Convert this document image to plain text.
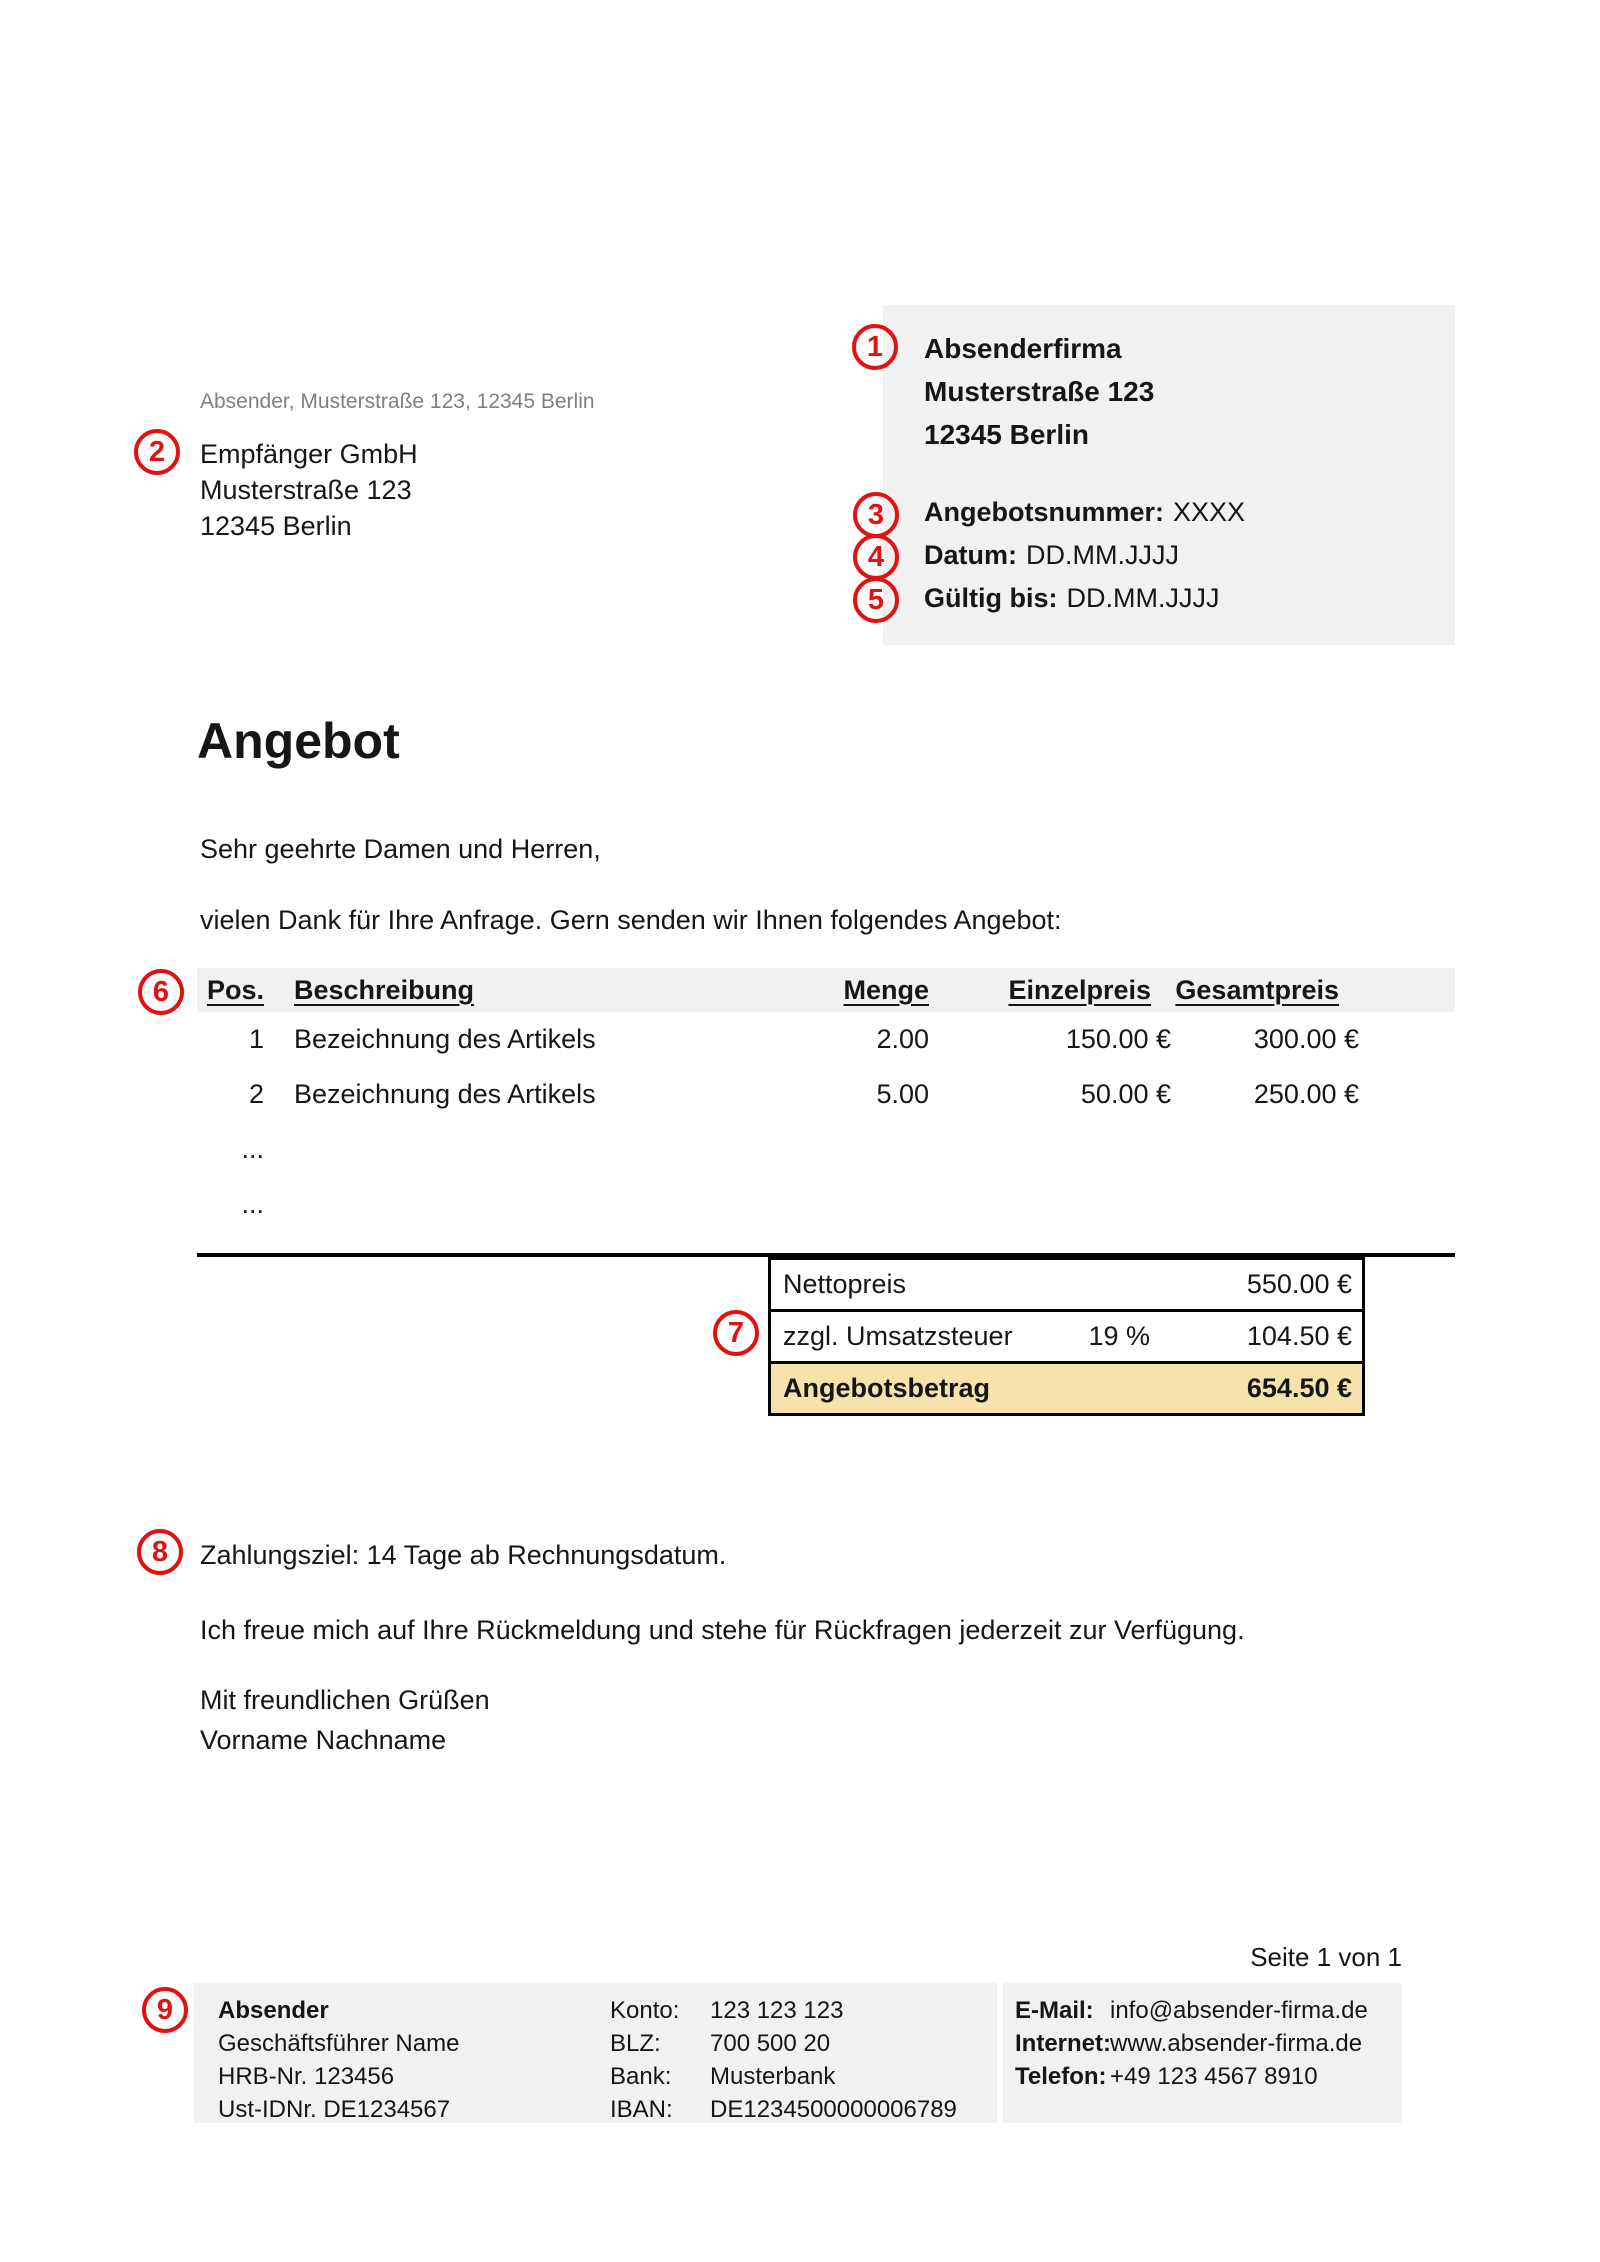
Absenderfirma
Musterstraße 123
12345 Berlin
Angebotsnummer: XXXX
Datum: DD.MM.JJJJ
Gültig bis: DD.MM.JJJJ
1
2
3
4
5
6
7
8
9
Absender, Musterstraße 123, 12345 Berlin
Empfänger GmbH
Musterstraße 123
12345 Berlin
Angebot
Sehr geehrte Damen und Herren,
vielen Dank für Ihre Anfrage. Gern senden wir Ihnen folgendes Angebot:
Pos.	Beschreibung	Menge	Einzelpreis Gesamtpreis
1	Bezeichnung des Artikels	2.00	150.00 €	300.00 €
2	Bezeichnung des Artikels	5.00	50.00 €	250.00 €
...
...
Nettopreis	550.00 €
zzgl. Umsatzsteuer	19 %	104.50 €
Angebotsbetrag	654.50 €
Zahlungsziel: 14 Tage ab Rechnungsdatum.
Ich freue mich auf Ihre Rückmeldung und stehe für Rückfragen jederzeit zur Verfügung.
Mit freundlichen Grüßen
Vorname Nachname
Seite 1 von 1
Absender
Geschäftsführer Name
HRB-Nr. 123456
Ust-IDNr. DE1234567
Konto: 123 123 123
BLZ: 700 500 20
Bank: Musterbank
IBAN: DE1234500000006789
E-Mail: info@absender-firma.de
Internet:www.absender-firma.de
Telefon: +49 123 4567 8910
